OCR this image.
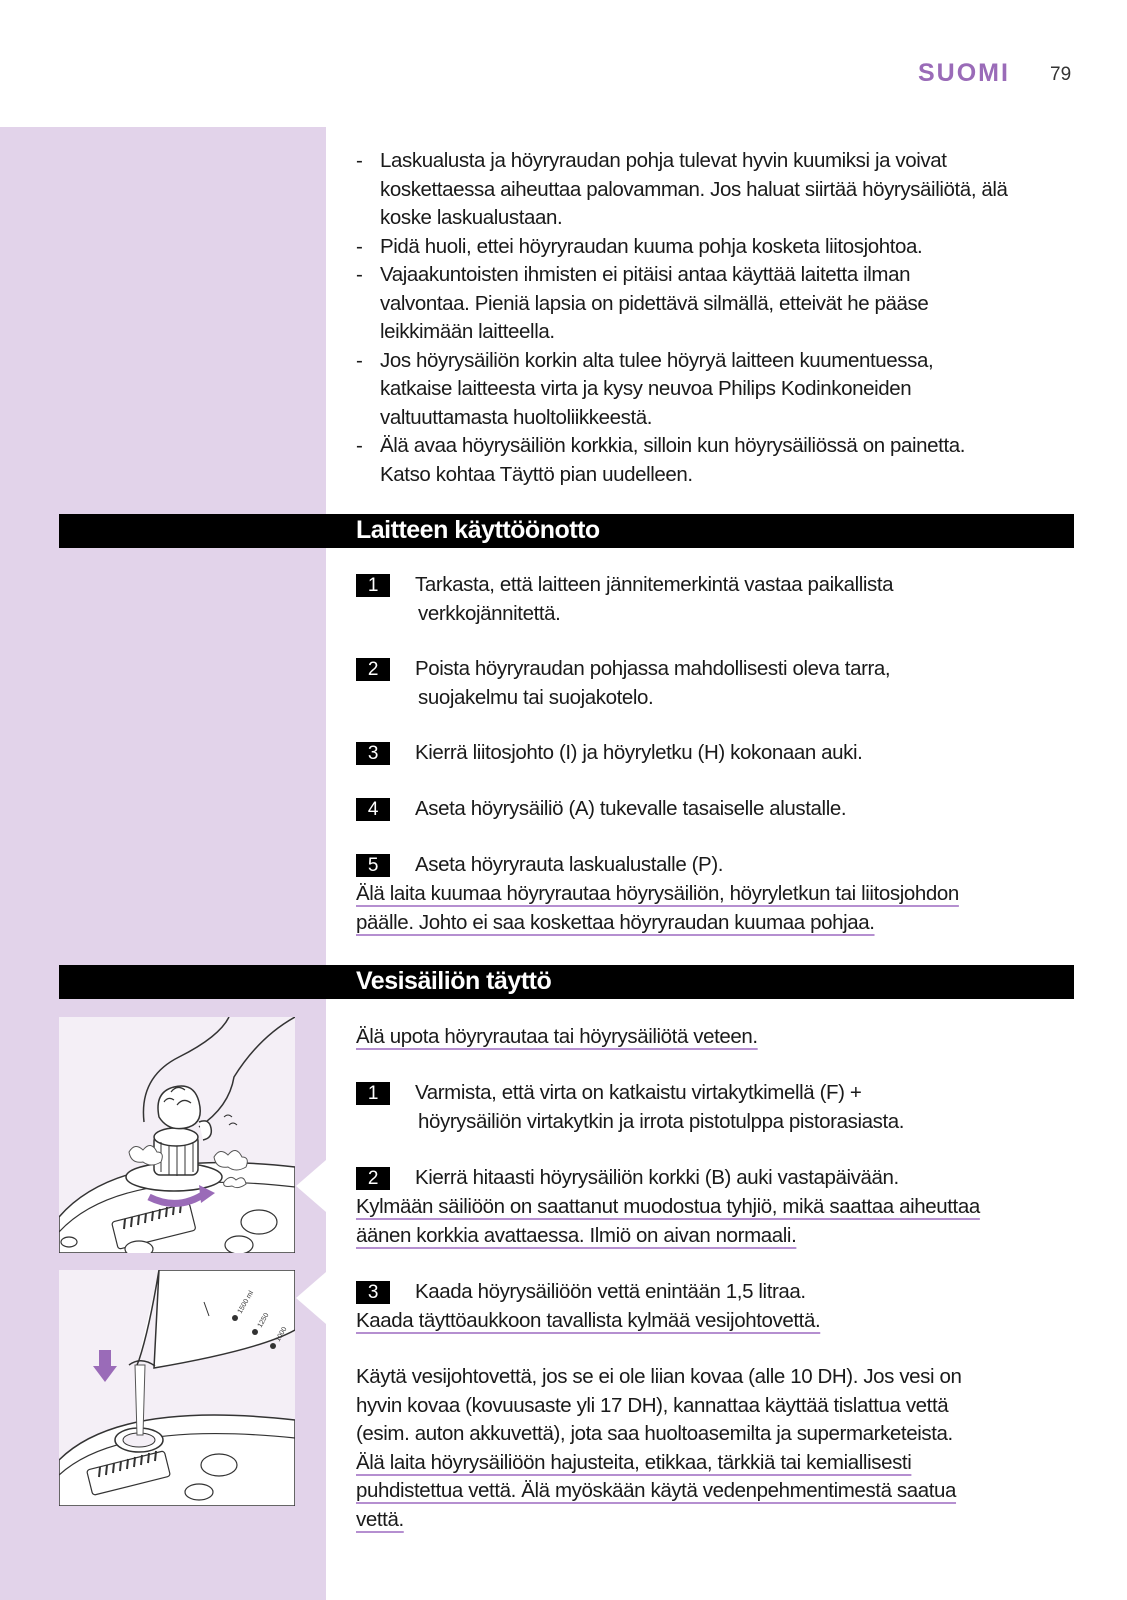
SUOMI 79
- Laskualusta ja höyryraudan pohja tulevat hyvin kuumiksi ja voivat
koskettaessa aiheuttaa palovamman. Jos haluat siirtää höyrysäiliötä, älä
koske laskualustaan.
- Pidä huoli, ettei höyryraudan kuuma pohja kosketa liitosjohtoa.
- Vajaakuntoisten ihmisten ei pitäisi antaa käyttää laitetta ilman
valvontaa. Pieniä lapsia on pidettävä silmällä, etteivät he pääse
leikkimään laitteella.
- Jos höyrysäiliön korkin alta tulee höyryä laitteen kuumentuessa,
katkaise laitteesta virta ja kysy neuvoa Philips Kodinkoneiden
valtuuttamasta huoltoliikkeestä.
- Älä avaa höyrysäiliön korkkia, silloin kun höyrysäiliössä on painetta.
Katso kohtaa Täyttö pian uudelleen.
Laitteen käyttöönotto
1	Tarkasta, että laitteen jännitemerkintä vastaa paikallista
verkkojännitettä.
2	Poista höyryraudan pohjassa mahdollisesti oleva tarra,
suojakelmu tai suojakotelo.
3	Kierrä liitosjohto (I) ja höyryletku (H) kokonaan auki.
4	Aseta höyrysäiliö (A) tukevalle tasaiselle alustalle.
5	Aseta höyryrauta laskualustalle (P).
Älä laita kuumaa höyryrautaa höyrysäiliön, höyryletkun tai liitosjohdon
päälle. Johto ei saa koskettaa höyryraudan kuumaa pohjaa.
Vesisäiliön täyttö
Älä upota höyryrautaa tai höyrysäiliötä veteen.
1	Varmista, että virta on katkaistu virtakytkimellä (F) +
höyrysäiliön virtakytkin ja irrota pistotulppa pistorasiasta.
2	Kierrä hitaasti höyrysäiliön korkki (B) auki vastapäivään.
Kylmään säiliöön on saattanut muodostua tyhjiö, mikä saattaa aiheuttaa
äänen korkkia avattaessa. Ilmiö on aivan normaali.
3	Kaada höyrysäiliöön vettä enintään 1,5 litraa.
Kaada täyttöaukkoon tavallista kylmää vesijohtovettä.
Käytä vesijohtovettä, jos se ei ole liian kovaa (alle 10 DH). Jos vesi on
hyvin kovaa (kovuusaste yli 17 DH), kannattaa käyttää tislattua vettä
(esim. auton akkuvettä), jota saa huoltoasemilta ja supermarketeista.
Älä laita höyrysäiliöön hajusteita, etikkaa, tärkkiä tai kemiallisesti
puhdistettua vettä. Älä myöskään käytä vedenpehmentimestä saatua
vettä.
1500 ml
1250
1000
